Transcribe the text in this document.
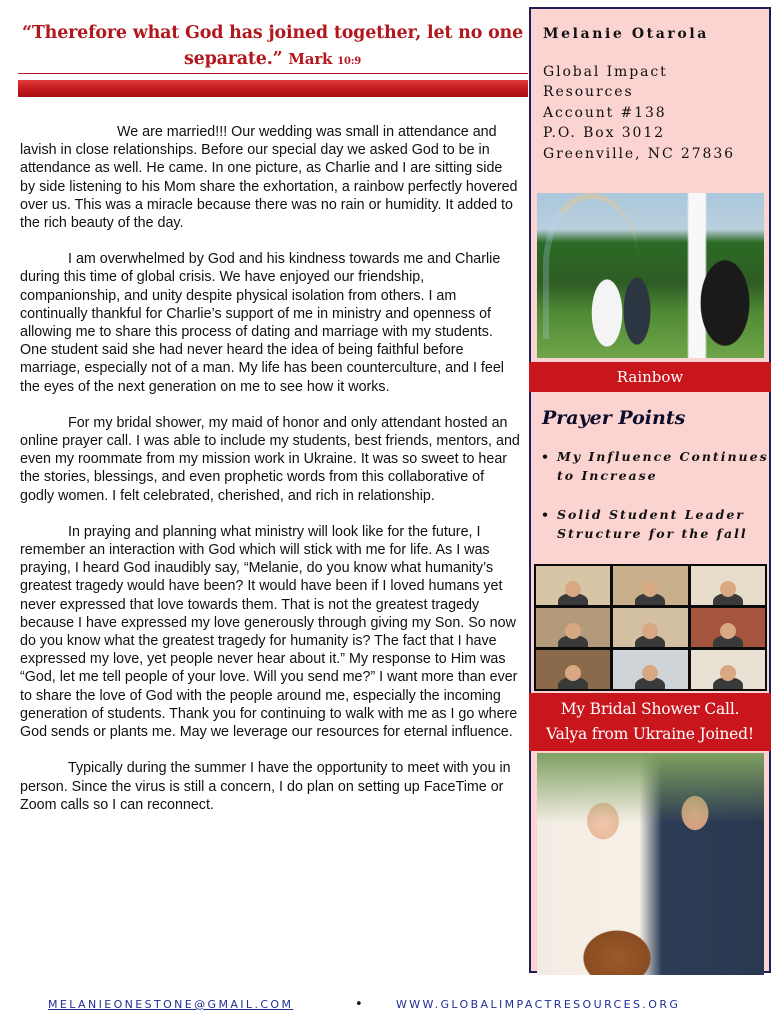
“Therefore what God has joined together, let no one separate.” Mark 10:9

We are married!!! Our wedding was small in attendance and lavish in close relationships. Before our special day we asked God to be in attendance as well. He came. In one picture, as Charlie and I are sitting side by side listening to his Mom share the exhortation, a rainbow perfectly hovered over us. This was a miracle because there was no rain or humidity. It added to the rich beauty of the day.

I am overwhelmed by God and his kindness towards me and Charlie during this time of global crisis. We have enjoyed our friendship, companionship, and unity despite physical isolation from others. I am continually thankful for Charlie’s support of me in ministry and openness of allowing me to share this process of dating and marriage with my students. One student said she had never heard the idea of being faithful before marriage, especially not of a man. My life has been counterculture, and I feel the eyes of the next generation on me to see how it works.

For my bridal shower, my maid of honor and only attendant hosted an online prayer call. I was able to include my students, best friends, mentors, and even my roommate from my mission work in Ukraine. It was so sweet to hear the stories, blessings, and even prophetic words from this collaborative of godly women. I felt celebrated, cherished, and rich in relationship.

In praying and planning what ministry will look like for the future, I remember an interaction with God which will stick with me for life. As I was praying, I heard God inaudibly say, “Melanie, do you know what humanity’s greatest tragedy would have been? It would have been if I loved humans yet never expressed that love towards them. That is not the greatest tragedy because I have expressed my love generously through giving my Son. So now do you know what the greatest tragedy for humanity is? The fact that I have expressed my love, yet people never hear about it.” My response to Him was “God, let me tell people of your love. Will you send me?” I want more than ever to share the love of God with the people around me, especially the incoming generation of students. Thank you for continuing to walk with me as I go where God sends or plants me. May we leverage our resources for eternal influence.

Typically during the summer I have the opportunity to meet with you in person. Since the virus is still a concern, I do plan on setting up FaceTime or Zoom calls so I can reconnect.

Melanie Otarola
Global Impact
Resources
Account #138
P.O. Box 3012
Greenville, NC 27836
Rainbow
Prayer Points
• My Influence Continues to Increase
• Solid Student Leader Structure for the fall
My Bridal Shower Call.
Valya from Ukraine Joined!
MELANIEONESTONE@GMAIL.COM	•	WWW.GLOBALIMPACTRESOURCES.ORG
